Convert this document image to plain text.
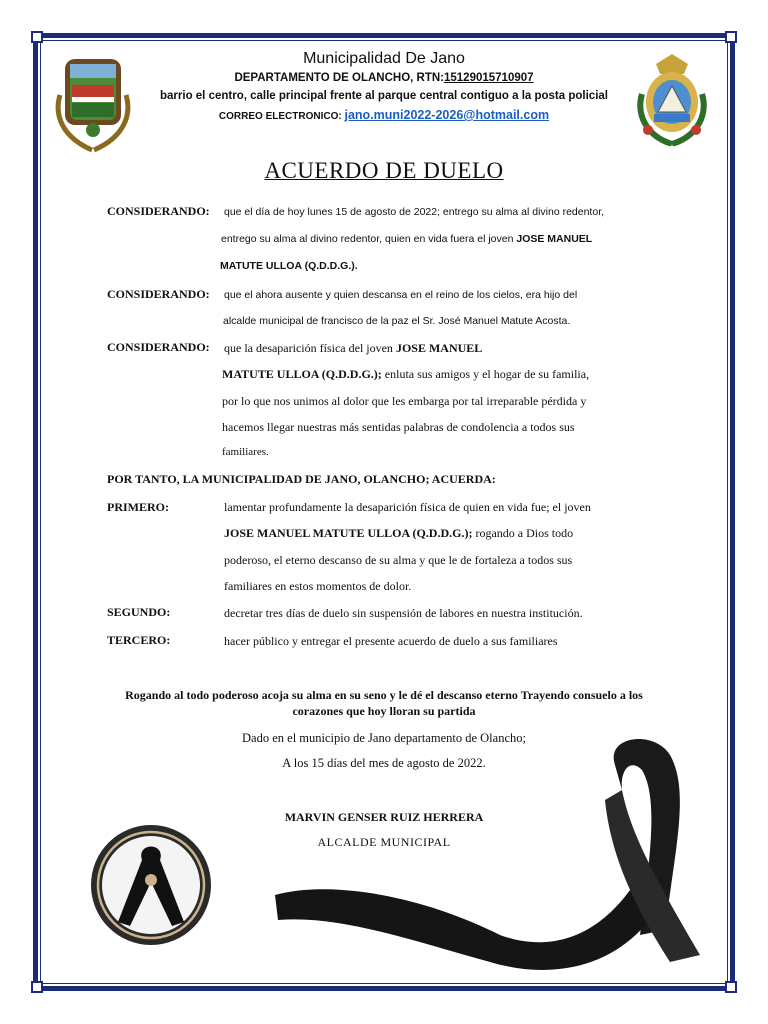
Municipalidad De Jano
DEPARTAMENTO DE OLANCHO, RTN:15129015710907
barrio el centro, calle principal frente al parque central contiguo a la posta policial
CORREO ELECTRONICO: jano.muni2022-2026@hotmail.com
ACUERDO DE DUELO
CONSIDERANDO: que el día de hoy lunes 15 de agosto de 2022; entrego su alma al divino redentor,
entrego su alma al divino redentor, quien en vida fuera el joven JOSE MANUEL
MATUTE ULLOA (Q.D.D.G.).
CONSIDERANDO: que el ahora ausente y quien descansa en el reino de los cielos, era hijo del
alcalde municipal de francisco de la paz el Sr. José Manuel Matute Acosta.
CONSIDERANDO: que la desaparición física del joven JOSE MANUEL
MATUTE ULLOA (Q.D.D.G.); enluta sus amigos y el hogar de su familia,
por lo que nos unimos al dolor que les embarga por tal irreparable pérdida y
hacemos llegar nuestras más sentidas palabras de condolencia a todos sus
familiares.
POR TANTO, LA MUNICIPALIDAD DE JANO, OLANCHO; ACUERDA:
PRIMERO:	lamentar profundamente la desaparición física de quien en vida fue; el joven
JOSE MANUEL MATUTE ULLOA (Q.D.D.G.); rogando a Dios todo
poderoso, el eterno descanso de su alma y que le de fortaleza a todos sus
familiares en estos momentos de dolor.
SEGUNDO:	decretar tres días de duelo sin suspensión de labores en nuestra institución.
TERCERO:	hacer público y entregar el presente acuerdo de duelo a sus familiares
Rogando al todo poderoso acoja su alma en su seno y le dé el descanso eterno Trayendo consuelo a los corazones que hoy lloran su partida
Dado en el municipio de Jano departamento de Olancho;
A los 15 días del mes de agosto de 2022.
MARVIN GENSER RUIZ HERRERA
ALCALDE MUNICIPAL
